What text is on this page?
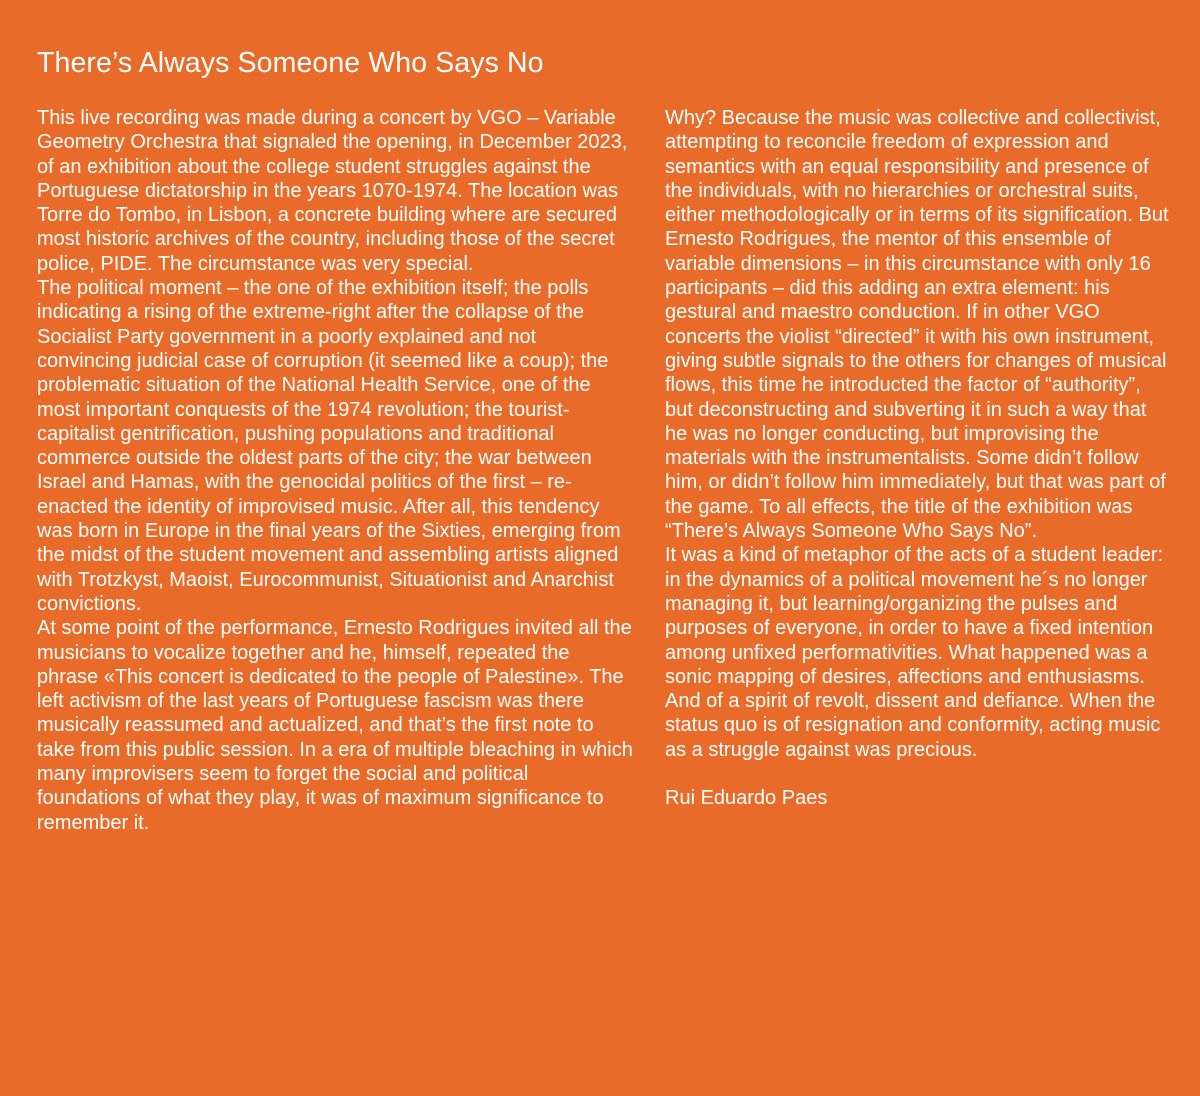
There’s Always Someone Who Says No

This live recording was made during a concert by VGO – Variable Geometry Orchestra that signaled the opening, in December 2023, of an exhibition about the college student struggles against the Portuguese dictatorship in the years 1070-1974. The location was Torre do Tombo, in Lisbon, a concrete building where are secured most historic archives of the country, including those of the secret police, PIDE. The circumstance was very special.

The political moment – the one of the exhibition itself; the polls indicating a rising of the extreme-right after the collapse of the Socialist Party government in a poorly explained and not convincing judicial case of corruption (it seemed like a coup); the problematic situation of the National Health Service, one of the most important conquests of the 1974 revolution; the tourist-capitalist gentrification, pushing populations and traditional commerce outside the oldest parts of the city; the war between Israel and Hamas, with the genocidal politics of the first – re-enacted the identity of improvised music. After all, this tendency was born in Europe in the final years of the Sixties, emerging from the midst of the student movement and assembling artists aligned with Trotzkyst, Maoist, Eurocommunist, Situationist and Anarchist convictions.

At some point of the performance, Ernesto Rodrigues invited all the musicians to vocalize together and he, himself, repeated the phrase «This concert is dedicated to the people of Palestine». The left activism of the last years of Portuguese fascism was there musically reassumed and actualized, and that’s the first note to take from this public session. In a era of multiple bleaching in which many improvisers seem to forget the social and political foundations of what they play, it was of maximum significance to remember it.

Why? Because the music was collective and collectivist, attempting to reconcile freedom of expression and semantics with an equal responsibility and presence of the individuals, with no hierarchies or orchestral suits, either methodologically or in terms of its signification. But Ernesto Rodrigues, the mentor of this ensemble of variable dimensions – in this circumstance with only 16 participants – did this adding an extra element: his gestural and maestro conduction. If in other VGO concerts the violist “directed” it with his own instrument, giving subtle signals to the others for changes of musical flows, this time he introducted the factor of “authority”, but deconstructing and subverting it in such a way that he was no longer conducting, but improvising the materials with the instrumentalists. Some didn’t follow him, or didn’t follow him immediately, but that was part of the game. To all effects, the title of the exhibition was “There’s Always Someone Who Says No”.

It was a kind of metaphor of the acts of a student leader: in the dynamics of a political movement he´s no longer managing it, but learning/organizing the pulses and purposes of everyone, in order to have a fixed intention among unfixed performativities. What happened was a sonic mapping of desires, affections and enthusiasms. And of a spirit of revolt, dissent and defiance. When the status quo is of resignation and conformity, acting music as a struggle against was precious.

Rui Eduardo Paes
